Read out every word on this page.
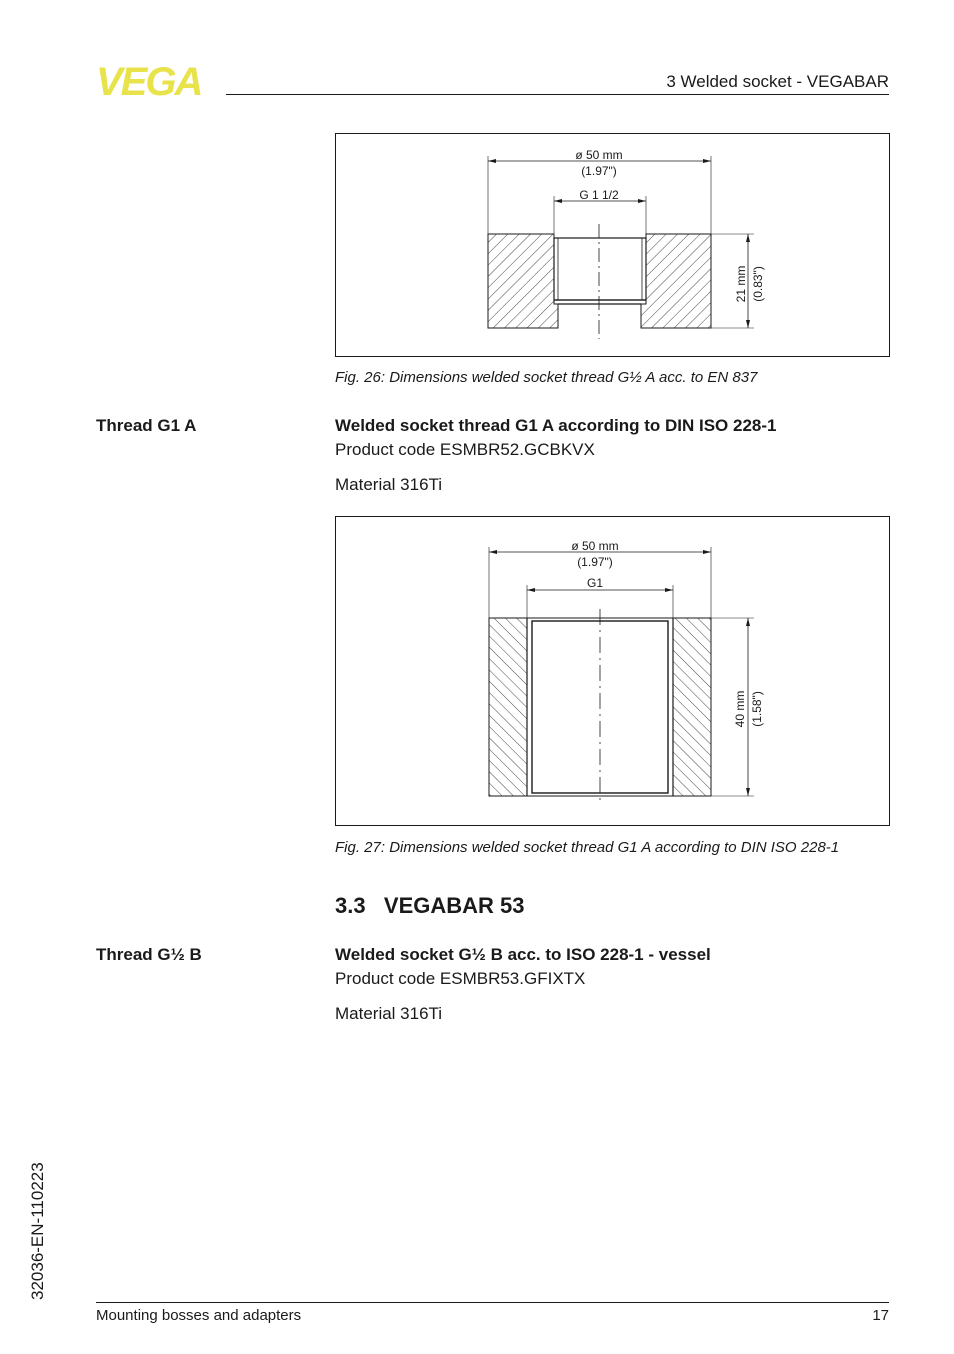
VEGA	3 Welded socket - VEGABAR
ø 50 mm
(1.97")
G 1 1/2
21 mm (0.83")
Fig. 26: Dimensions welded socket thread G½ A acc. to EN 837
Thread G1 A	Welded socket thread G1 A according to DIN ISO 228-1
Product code ESMBR52.GCBKVX
Material 316Ti
ø 50 mm
(1.97")
G1
40 mm (1.58")
Fig. 27: Dimensions welded socket thread G1 A according to DIN ISO 228-1
3.3   VEGABAR 53
Thread G½ B	Welded socket G½ B acc. to ISO 228-1 - vessel
Product code ESMBR53.GFIXTX
Material 316Ti
32036-EN-110223
Mounting bosses and adapters	17
